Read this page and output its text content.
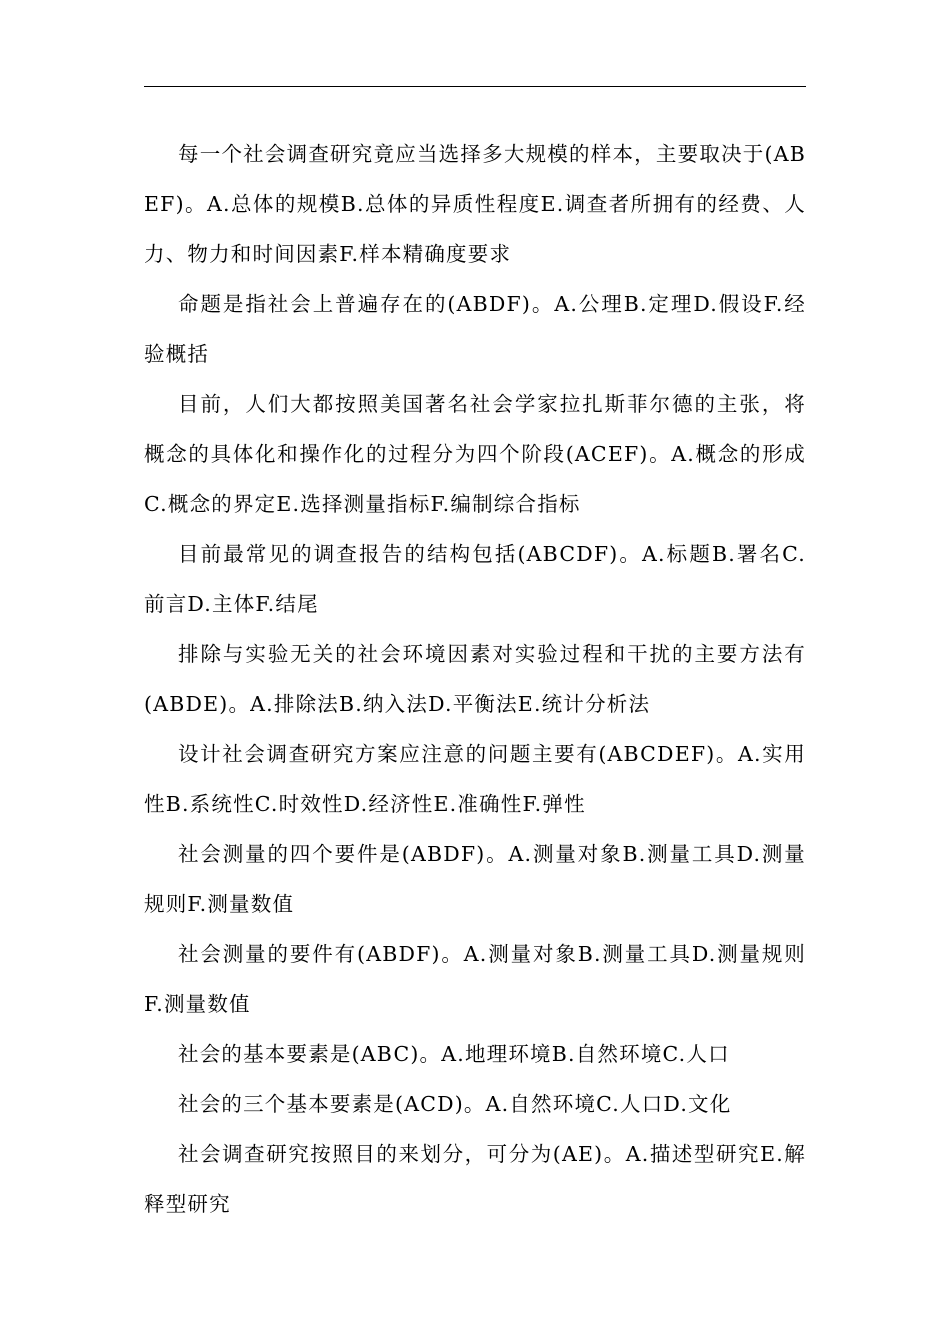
每一个社会调查研究竟应当选择多大规模的样本，主要取决于(ABEF)。A.总体的规模B.总体的异质性程度E.调查者所拥有的经费、人力、物力和时间因素F.样本精确度要求

命题是指社会上普遍存在的(ABDF)。A.公理B.定理D.假设F.经验概括

目前，人们大都按照美国著名社会学家拉扎斯菲尔德的主张，将概念的具体化和操作化的过程分为四个阶段(ACEF)。A.概念的形成C.概念的界定E.选择测量指标F.编制综合指标

目前最常见的调查报告的结构包括(ABCDF)。A.标题B.署名C.前言D.主体F.结尾

排除与实验无关的社会环境因素对实验过程和干扰的主要方法有(ABDE)。A.排除法B.纳入法D.平衡法E.统计分析法

设计社会调查研究方案应注意的问题主要有(ABCDEF)。A.实用性B.系统性C.时效性D.经济性E.准确性F.弹性

社会测量的四个要件是(ABDF)。A.测量对象B.测量工具D.测量规则F.测量数值

社会测量的要件有(ABDF)。A.测量对象B.测量工具D.测量规则F.测量数值

社会的基本要素是(ABC)。A.地理环境B.自然环境C.人口

社会的三个基本要素是(ACD)。A.自然环境C.人口D.文化

社会调查研究按照目的来划分，可分为(AE)。A.描述型研究E.解释型研究
